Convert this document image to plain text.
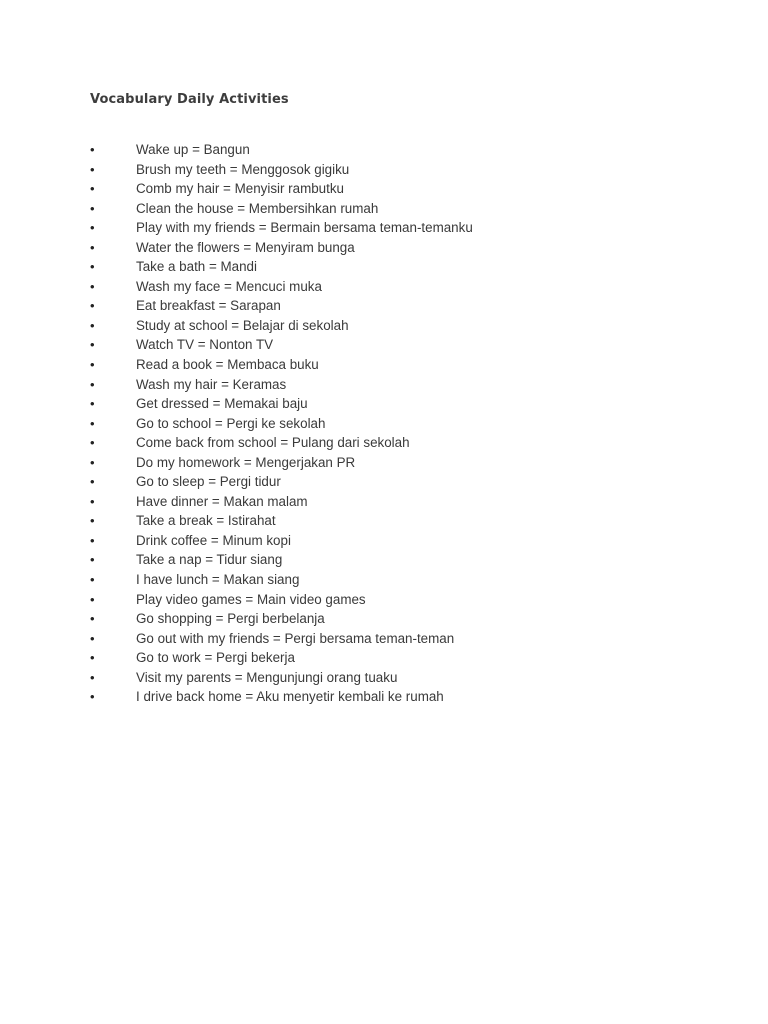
Vocabulary Daily Activities
•	Wake up = Bangun
•	Brush my teeth = Menggosok gigiku
•	Comb my hair = Menyisir rambutku
•	Clean the house = Membersihkan rumah
•	Play with my friends = Bermain bersama teman-temanku
•	Water the flowers = Menyiram bunga
•	Take a bath = Mandi
•	Wash my face = Mencuci muka
•	Eat breakfast = Sarapan
•	Study at school = Belajar di sekolah
•	Watch TV = Nonton TV
•	Read a book = Membaca buku
•	Wash my hair = Keramas
•	Get dressed = Memakai baju
•	Go to school = Pergi ke sekolah
•	Come back from school = Pulang dari sekolah
•	Do my homework = Mengerjakan PR
•	Go to sleep = Pergi tidur
•	Have dinner = Makan malam
•	Take a break = Istirahat
•	Drink coffee = Minum kopi
•	Take a nap = Tidur siang
•	I have lunch = Makan siang
•	Play video games = Main video games
•	Go shopping = Pergi berbelanja
•	Go out with my friends = Pergi bersama teman-teman
•	Go to work = Pergi bekerja
•	Visit my parents = Mengunjungi orang tuaku
•	I drive back home = Aku menyetir kembali ke rumah
